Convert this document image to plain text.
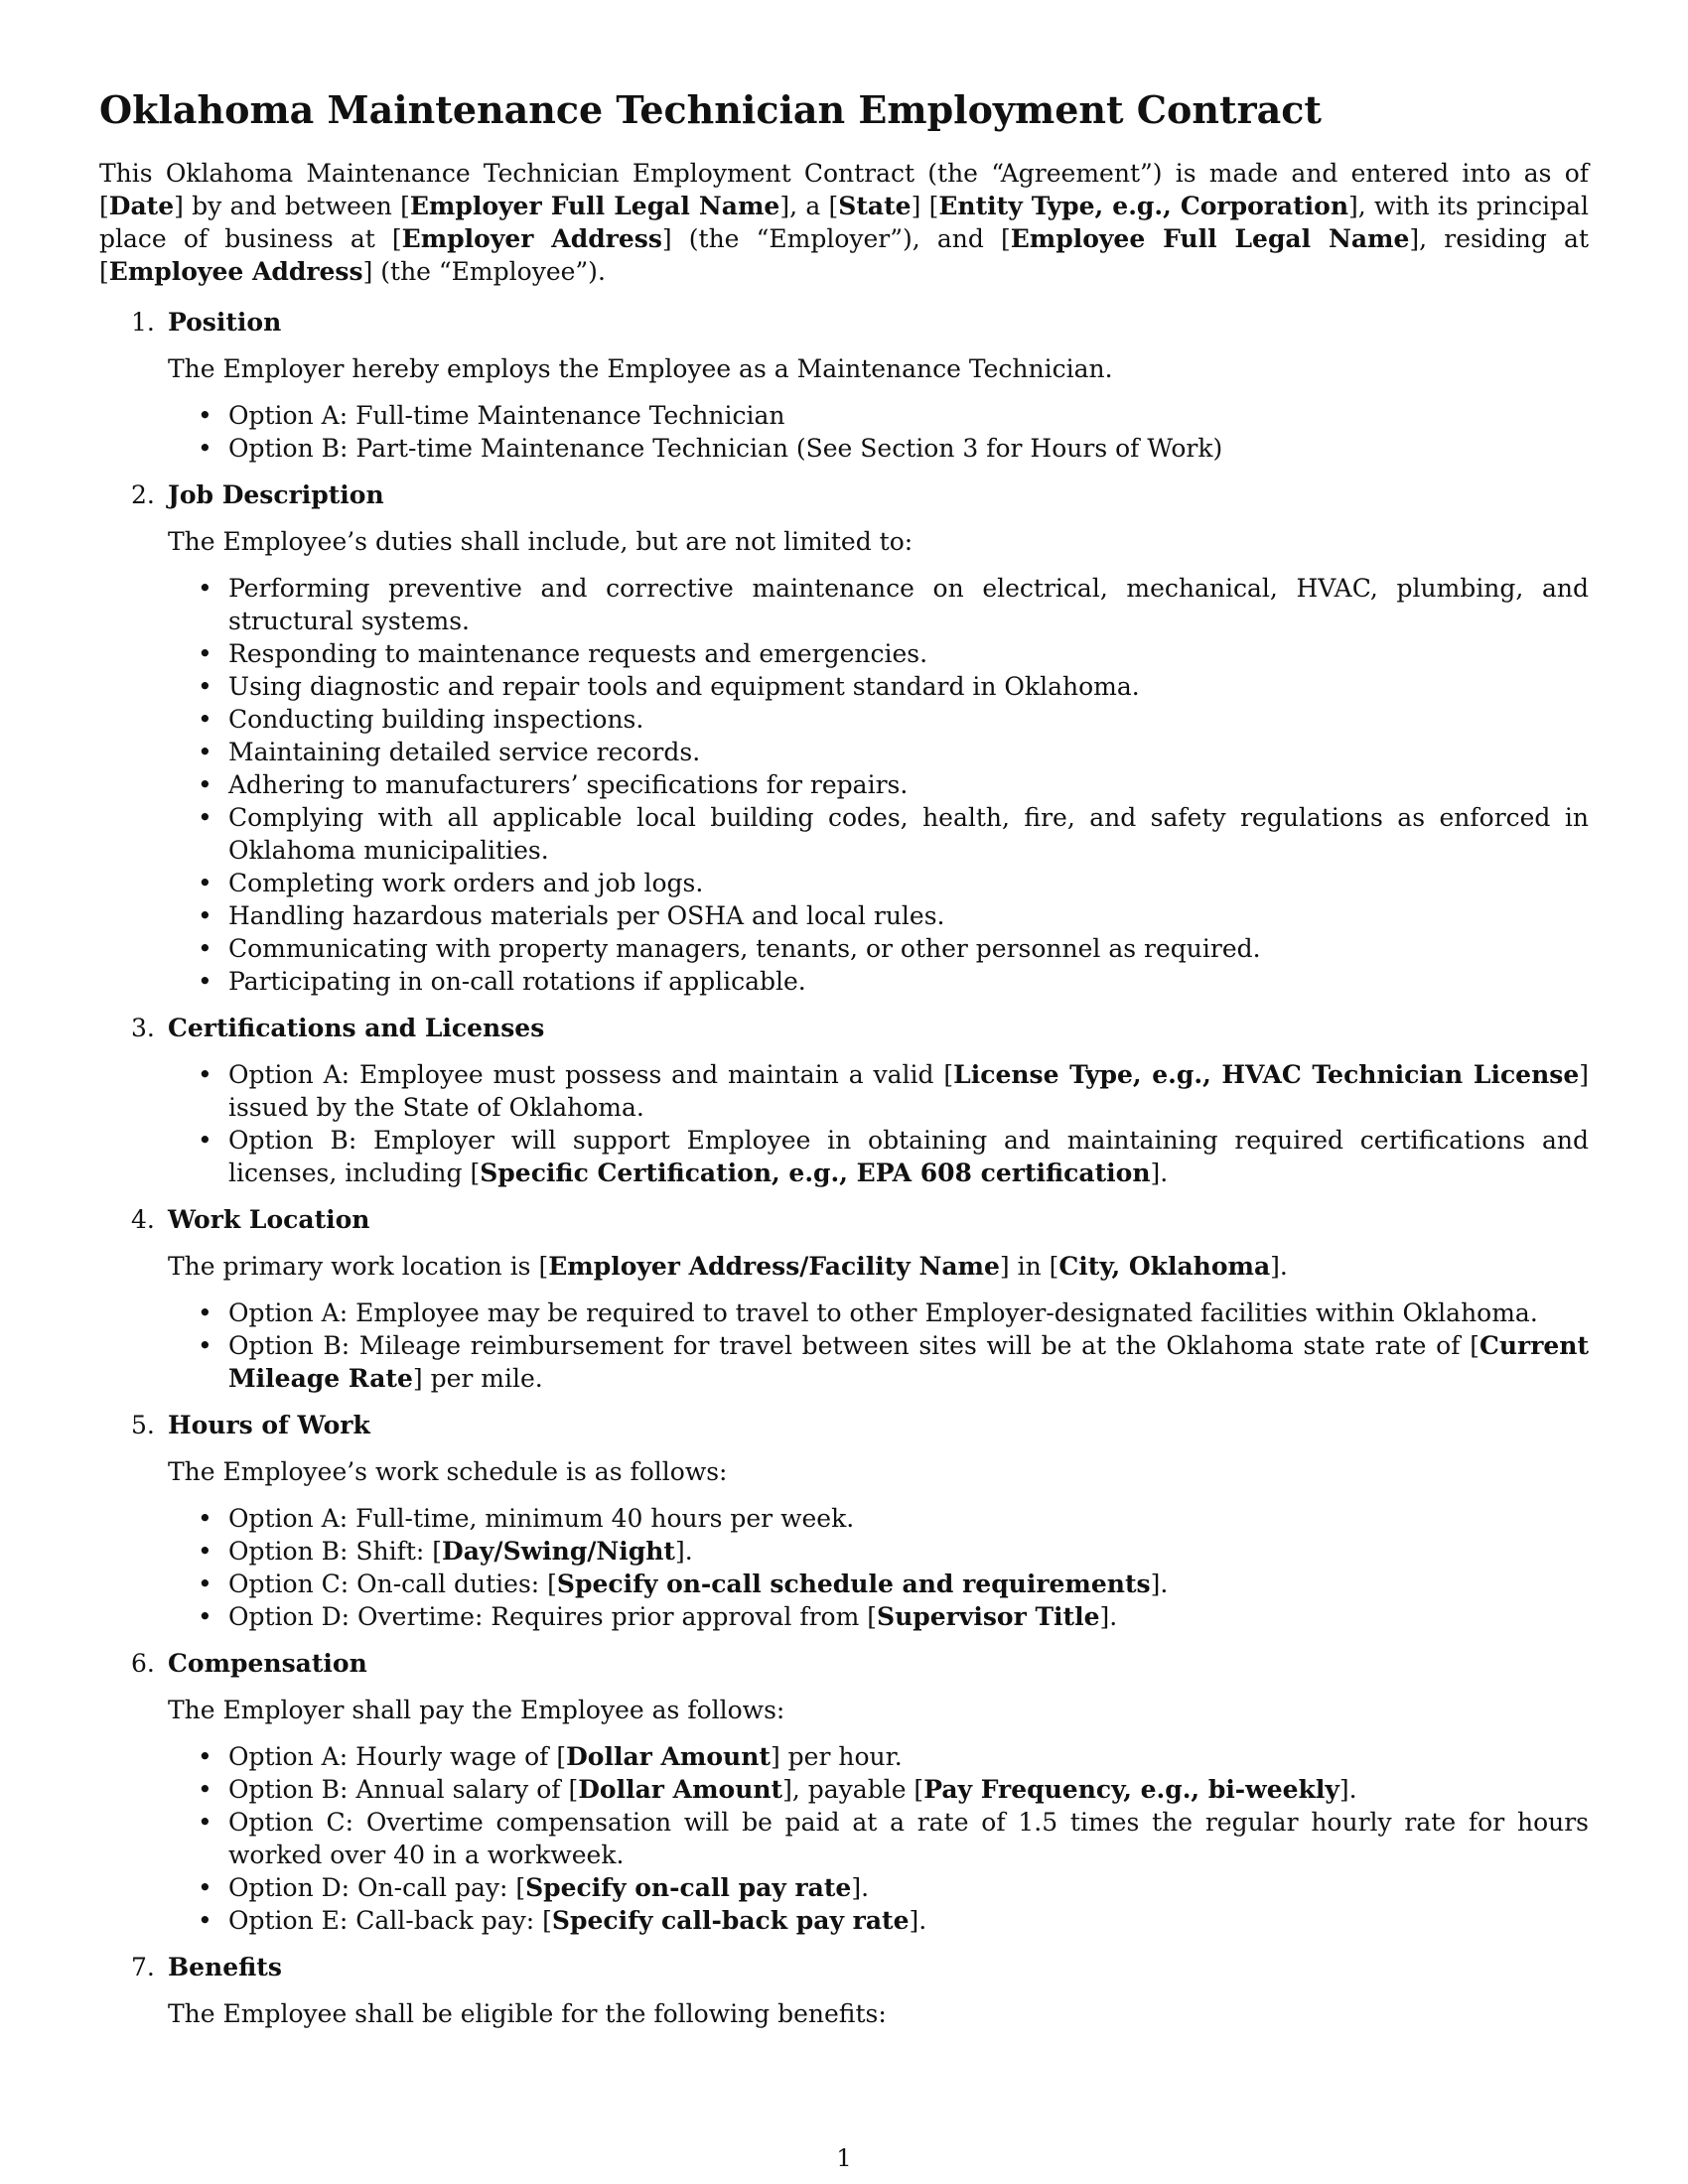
Oklahoma Maintenance Technician Employment Contract

This Oklahoma Maintenance Technician Employment Contract (the “Agreement”) is made and entered into as of [Date] by and between [Employer Full Legal Name], a [State] [Entity Type, e.g., Corporation], with its principal place of business at [Employer Address] (the “Employer”), and [Employee Full Legal Name], residing at [Employee Address] (the “Employee”).

1. Position

The Employer hereby employs the Employee as a Maintenance Technician.

• Option A: Full-time Maintenance Technician
• Option B: Part-time Maintenance Technician (See Section 3 for Hours of Work)
2. Job Description

The Employee’s duties shall include, but are not limited to:

• Performing preventive and corrective maintenance on electrical, mechanical, HVAC, plumbing, and structural systems.
• Responding to maintenance requests and emergencies.
• Using diagnostic and repair tools and equipment standard in Oklahoma.
• Conducting building inspections.
• Maintaining detailed service records.
• Adhering to manufacturers’ specifications for repairs.
• Complying with all applicable local building codes, health, fire, and safety regulations as enforced in Oklahoma municipalities.
• Completing work orders and job logs.
• Handling hazardous materials per OSHA and local rules.
• Communicating with property managers, tenants, or other personnel as required.
• Participating in on-call rotations if applicable.
3. Certifications and Licenses
• Option A: Employee must possess and maintain a valid [License Type, e.g., HVAC Technician License] issued by the State of Oklahoma.
• Option B: Employer will support Employee in obtaining and maintaining required certifications and licenses, including [Specific Certification, e.g., EPA 608 certification].
4. Work Location

The primary work location is [Employer Address/Facility Name] in [City, Oklahoma].

• Option A: Employee may be required to travel to other Employer-designated facilities within Oklahoma.
• Option B: Mileage reimbursement for travel between sites will be at the Oklahoma state rate of [Current Mileage Rate] per mile.
5. Hours of Work

The Employee’s work schedule is as follows:

• Option A: Full-time, minimum 40 hours per week.
• Option B: Shift: [Day/Swing/Night].
• Option C: On-call duties: [Specify on-call schedule and requirements].
• Option D: Overtime: Requires prior approval from [Supervisor Title].
6. Compensation

The Employer shall pay the Employee as follows:

• Option A: Hourly wage of [Dollar Amount] per hour.
• Option B: Annual salary of [Dollar Amount], payable [Pay Frequency, e.g., bi-weekly].
• Option C: Overtime compensation will be paid at a rate of 1.5 times the regular hourly rate for hours worked over 40 in a workweek.
• Option D: On-call pay: [Specify on-call pay rate].
• Option E: Call-back pay: [Specify call-back pay rate].
7. Benefits

The Employee shall be eligible for the following benefits:

1
